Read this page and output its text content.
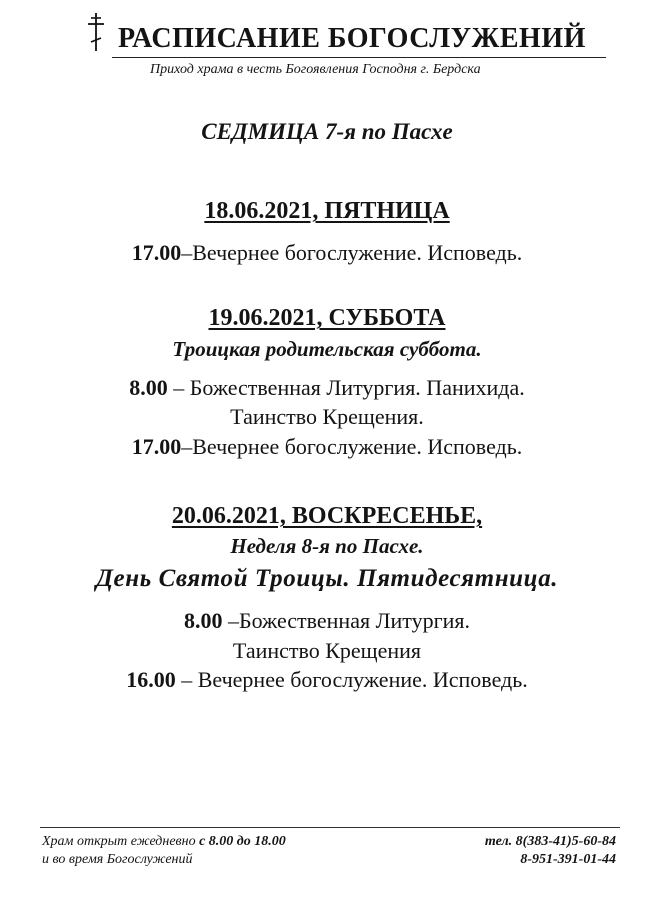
РАСПИСАНИЕ БОГОСЛУЖЕНИЙ
Приход храма в честь Богоявления Господня г. Бердска
СЕДМИЦА 7-я по Пасхе
18.06.2021, ПЯТНИЦА
17.00–Вечернее богослужение. Исповедь.
19.06.2021, СУББОТА
Троицкая родительская суббота.
8.00 – Божественная Литургия. Панихида.
Таинство Крещения.
17.00–Вечернее богослужение. Исповедь.
20.06.2021, ВОСКРЕСЕНЬЕ,
Неделя 8-я по Пасхе.
День Святой Троицы. Пятидесятница.
8.00 –Божественная Литургия.
Таинство Крещения
16.00 – Вечернее богослужение. Исповедь.
Храм открыт ежедневно с 8.00 до 18.00
и во время Богослужений
тел. 8(383-41)5-60-84
8-951-391-01-44
